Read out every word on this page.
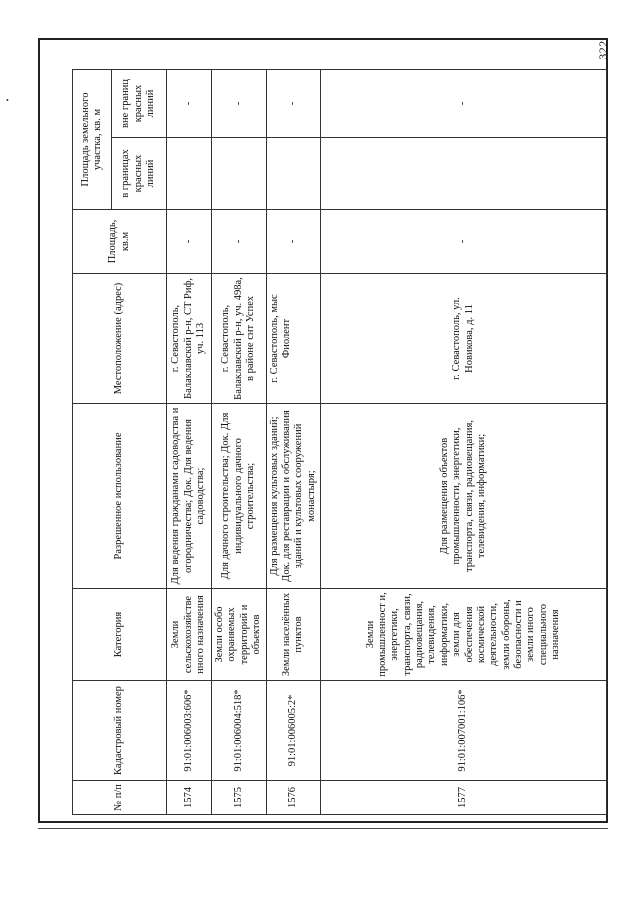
•
322
№ п/п	Кадастровый номер	Категория	Разрешенное использование	Местоположение (адрес)	Площадь, кв.м	Площадь земельного участка, кв. м	
						в границах красных линий	вне границ красных линий
1574	91:01:006003:606*	Земли сельскохозяйстве нного назначения	Для ведения гражданами садоводства и огородничества; Док. Для ведения садоводства;	г. Севастополь, Балаклавский р-н, СТ Риф, уч. 113	-		-
1575	91:01:006004:518*	Земли особо охраняемых территорий и объектов	Для дачного строительства; Док. Для индивидуального дачного строительства;	г. Севастополь, Балаклавский р-н, уч. 498а, в районе снт Успех	-		-
1576	91:01:006005:2*	Земли населённых пунктов	Для размещения культовых зданий; Док. для реставрации и обслуживания зданий и культовых сооружений монастыря;	г. Севастополь, мыс Фиолент	-		-
1577	91:01:007001:106*	Земли промышленност и, энергетики, транспорта, связи, радиовещания, телевидения, информатики, земли для обеспечения космической деятельности, земли обороны, безопасности и земли иного специального назначения	Для размещения объектов промышленности, энергетики, транспорта, связи, радиовещания, телевидения, информатики;	г. Севастополь, ул. Новикова, д. 11	-		-
